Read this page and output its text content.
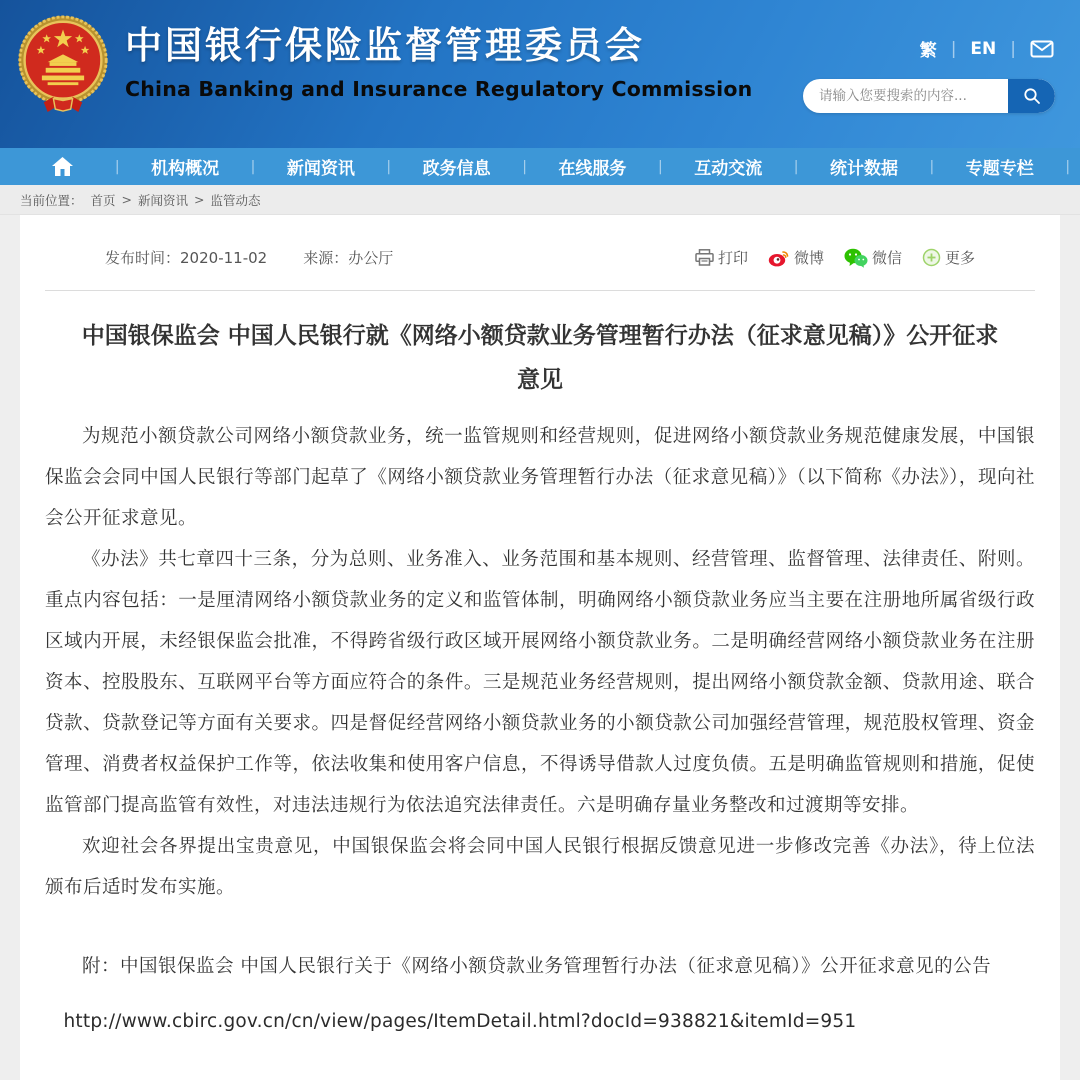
中国银行保险监督管理委员会
China Banking and Insurance Regulatory Commission
繁 | EN |
请输入您要搜索的内容...
|	机构概况	|	新闻资讯	|	政务信息	|	在线服务	|	互动交流	|	统计数据	|	专题专栏	|
当前位置： 首页 > 新闻资讯 > 监管动态
发布时间：2020-11-02 来源：办公厅	打印	微博	微信	更多
中国银保监会 中国人民银行就《网络小额贷款业务管理暂行办法（征求意见稿）》公开征求意见

为规范小额贷款公司网络小额贷款业务，统一监管规则和经营规则，促进网络小额贷款业务规范健康发展，中国银保监会会同中国人民银行等部门起草了《网络小额贷款业务管理暂行办法（征求意见稿）》（以下简称《办法》），现向社会公开征求意见。

《办法》共七章四十三条，分为总则、业务准入、业务范围和基本规则、经营管理、监督管理、法律责任、附则。重点内容包括：一是厘清网络小额贷款业务的定义和监管体制，明确网络小额贷款业务应当主要在注册地所属省级行政区域内开展，未经银保监会批准，不得跨省级行政区域开展网络小额贷款业务。二是明确经营网络小额贷款业务在注册资本、控股股东、互联网平台等方面应符合的条件。三是规范业务经营规则，提出网络小额贷款金额、贷款用途、联合贷款、贷款登记等方面有关要求。四是督促经营网络小额贷款业务的小额贷款公司加强经营管理，规范股权管理、资金管理、消费者权益保护工作等，依法收集和使用客户信息，不得诱导借款人过度负债。五是明确监管规则和措施，促使监管部门提高监管有效性，对违法违规行为依法追究法律责任。六是明确存量业务整改和过渡期等安排。

欢迎社会各界提出宝贵意见，中国银保监会将会同中国人民银行根据反馈意见进一步修改完善《办法》，待上位法颁布后适时发布实施。

附：中国银保监会 中国人民银行关于《网络小额贷款业务管理暂行办法（征求意见稿）》公开征求意见的公告
http://www.cbirc.gov.cn/cn/view/pages/ItemDetail.html?docId=938821&itemId=951
